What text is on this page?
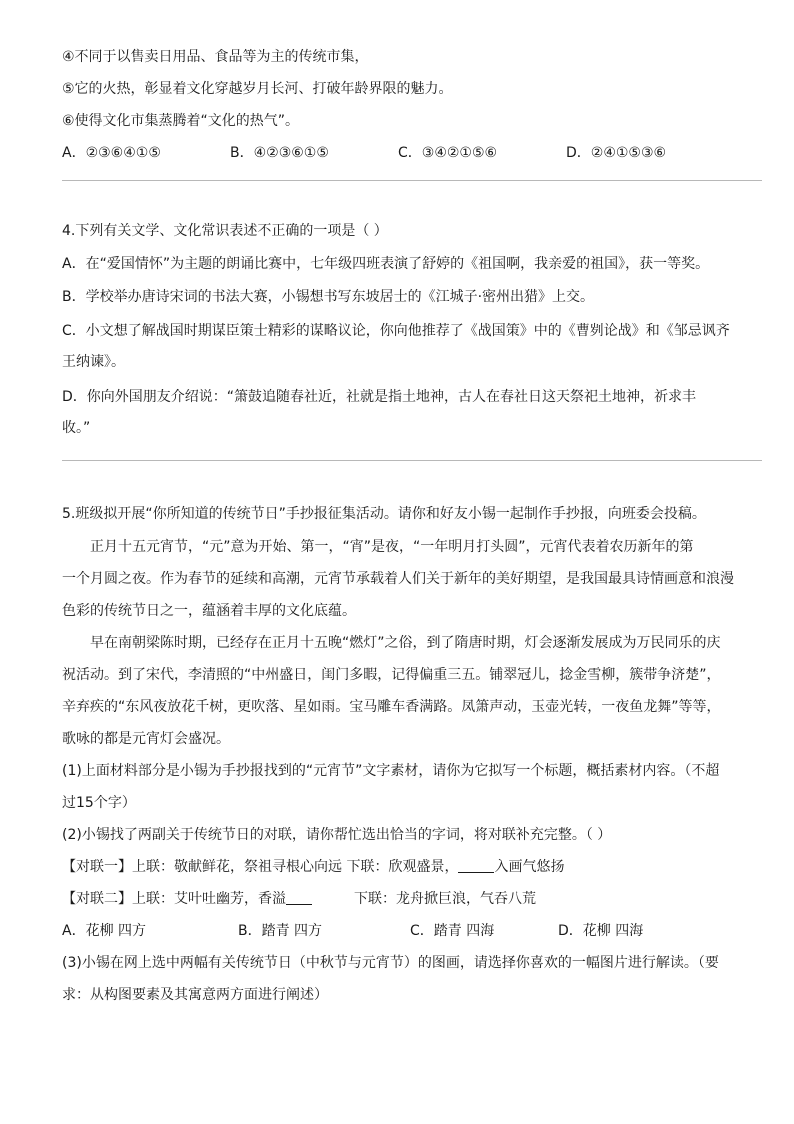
④不同于以售卖日用品、食品等为主的传统市集，
⑤它的火热，彰显着文化穿越岁月长河、打破年龄界限的魅力。
⑥使得文化市集蒸腾着“文化的热气”。
A．②③⑥④①⑤	B．④②③⑥①⑤	C．③④②①⑤⑥	D．②④①⑤③⑥
4.下列有关文学、文化常识表述不正确的一项是（ ）
A．在“爱国情怀”为主题的朗诵比赛中，七年级四班表演了舒婷的《祖国啊，我亲爱的祖国》，获一等奖。
B．学校举办唐诗宋词的书法大赛，小锡想书写东坡居士的《江城子·密州出猎》上交。
C．小文想了解战国时期谋臣策士精彩的谋略议论，你向他推荐了《战国策》中的《曹刿论战》和《邹忌讽齐
王纳谏》。
D．你向外国朋友介绍说：“箫鼓追随春社近，社就是指土地神，古人在春社日这天祭祀土地神，祈求丰
收。”
5.班级拟开展“你所知道的传统节日”手抄报征集活动。请你和好友小锡一起制作手抄报，向班委会投稿。
正月十五元宵节，“元”意为开始、第一，“宵”是夜，“一年明月打头圆”，元宵代表着农历新年的第
一个月圆之夜。作为春节的延续和高潮，元宵节承载着人们关于新年的美好期望，是我国最具诗情画意和浪漫
色彩的传统节日之一，蕴涵着丰厚的文化底蕴。
早在南朝梁陈时期，已经存在正月十五晚“燃灯”之俗，到了隋唐时期，灯会逐渐发展成为万民同乐的庆
祝活动。到了宋代，李清照的“中州盛日，闺门多暇，记得偏重三五。铺翠冠儿，捻金雪柳，簇带争济楚”，
辛弃疾的“东风夜放花千树，更吹落、星如雨。宝马雕车香满路。凤箫声动，玉壶光转，一夜鱼龙舞”等等，
歌咏的都是元宵灯会盛况。
(1)上面材料部分是小锡为手抄报找到的“元宵节”文字素材，请你为它拟写一个标题，概括素材内容。（不超
过15个字）
(2)小锡找了两副关于传统节日的对联，请你帮忙选出恰当的字词，将对联补充完整。（ ）
【对联一】上联：敬献鲜花，祭祖寻根心向远 下联：欣观盛景，	入画气悠扬
【对联二】上联：艾叶吐幽芳，香溢	下联：龙舟掀巨浪，气吞八荒
A．花柳 四方	B．踏青 四方	C．踏青 四海	D．花柳 四海
(3)小锡在网上选中两幅有关传统节日（中秋节与元宵节）的图画，请选择你喜欢的一幅图片进行解读。（要
求：从构图要素及其寓意两方面进行阐述）
